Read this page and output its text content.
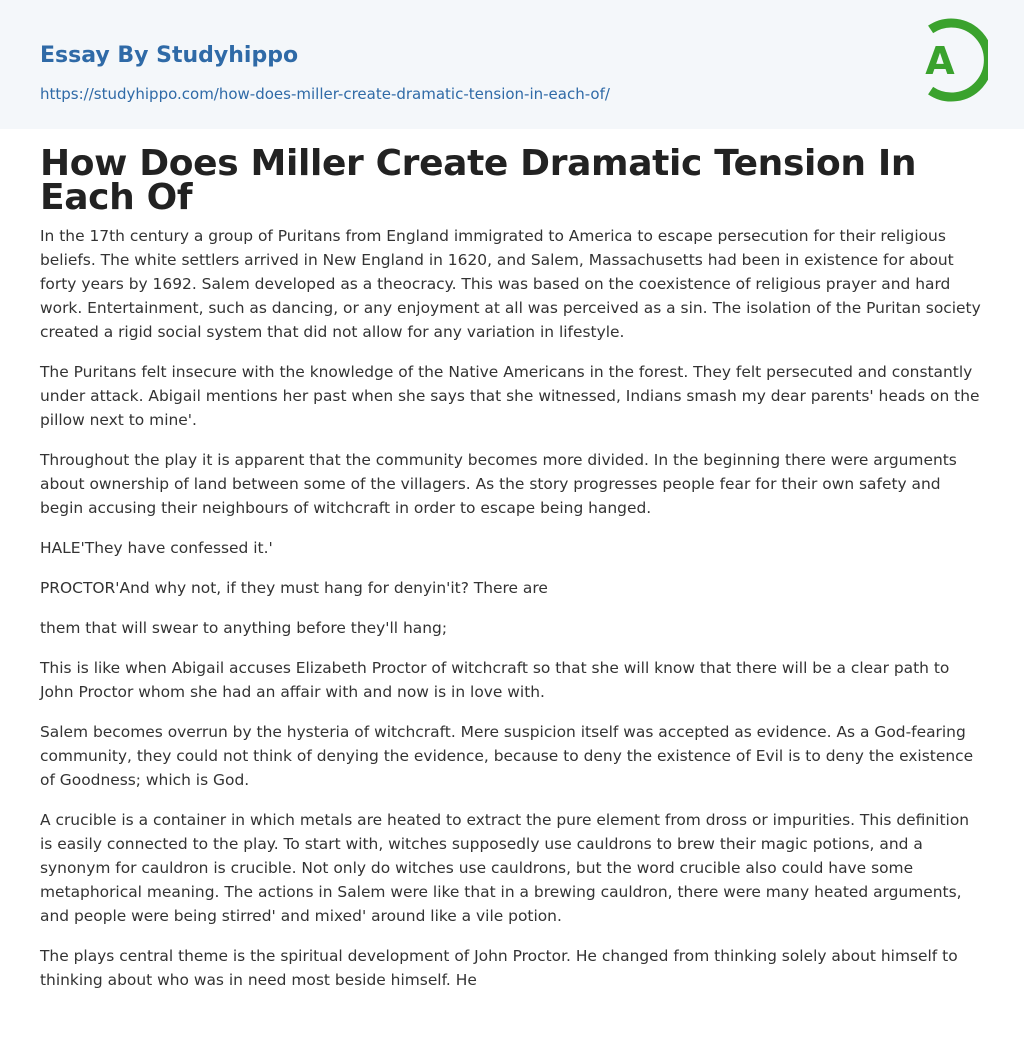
Essay By Studyhippo
https://studyhippo.com/how-does-miller-create-dramatic-tension-in-each-of/
A
How Does Miller Create Dramatic Tension In Each Of

In the 17th century a group of Puritans from England immigrated to America to escape persecution for their religious beliefs. The white settlers arrived in New England in 1620, and Salem, Massachusetts had been in existence for about forty years by 1692. Salem developed as a theocracy. This was based on the coexistence of religious prayer and hard work. Entertainment, such as dancing, or any enjoyment at all was perceived as a sin. The isolation of the Puritan society created a rigid social system that did not allow for any variation in lifestyle.

The Puritans felt insecure with the knowledge of the Native Americans in the forest. They felt persecuted and constantly under attack. Abigail mentions her past when she says that she witnessed, Indians smash my dear parents' heads on the pillow next to mine'.

Throughout the play it is apparent that the community becomes more divided. In the beginning there were arguments about ownership of land between some of the villagers. As the story progresses people fear for their own safety and begin accusing their neighbours of witchcraft in order to escape being hanged.

HALE'They have confessed it.'

PROCTOR'And why not, if they must hang for denyin'it? There are

them that will swear to anything before they'll hang;

This is like when Abigail accuses Elizabeth Proctor of witchcraft so that she will know that there will be a clear path to John Proctor whom she had an affair with and now is in love with.

Salem becomes overrun by the hysteria of witchcraft. Mere suspicion itself was accepted as evidence. As a God-fearing community, they could not think of denying the evidence, because to deny the existence of Evil is to deny the existence of Goodness; which is God.

A crucible is a container in which metals are heated to extract the pure element from dross or impurities. This definition is easily connected to the play. To start with, witches supposedly use cauldrons to brew their magic potions, and a synonym for cauldron is crucible. Not only do witches use cauldrons, but the word crucible also could have some metaphorical meaning. The actions in Salem were like that in a brewing cauldron, there were many heated arguments, and people were being stirred' and mixed' around like a vile potion.

The plays central theme is the spiritual development of John Proctor. He changed from thinking solely about himself to thinking about who was in need most beside himself. He
